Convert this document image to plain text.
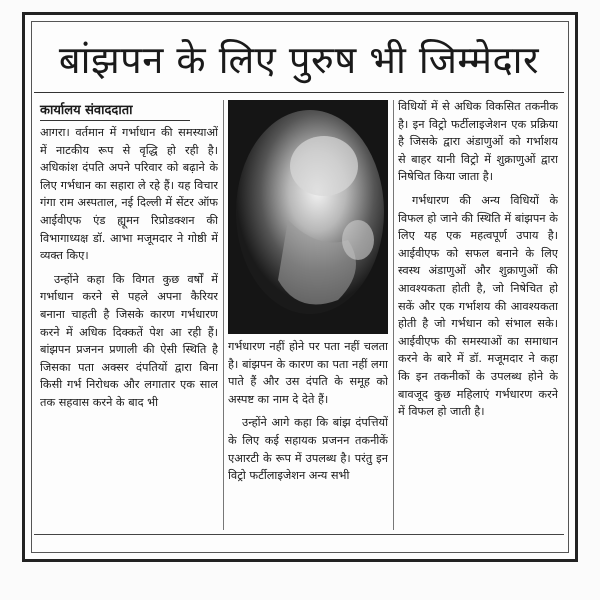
बांझपन के लिए पुरुष भी जिम्मेदार
कार्यालय संवाददाता

आगरा। वर्तमान में गर्भाधान की समस्याओं में नाटकीय रूप से वृद्धि हो रही है। अधिकांश दंपति अपने परिवार को बढ़ाने के लिए गर्भधान का सहारा ले रहे हैं। यह विचार गंगा राम अस्पताल, नई दिल्ली में सेंटर ऑफ आईवीएफ एंड ह्यूमन रिप्रोडक्शन की विभागाध्यक्ष डॉ. आभा मजूमदार ने गोष्ठी में व्यक्त किए।

उन्होंने कहा कि विगत कुछ वर्षों में गर्भाधान करने से पहले अपना कैरियर बनाना चाहती है जिसके कारण गर्भधारण करने में अधिक दिक्कतें पेश आ रही हैं। बांझपन प्रजनन प्रणाली की ऐसी स्थिति है जिसका पता अक्सर दंपतियों द्वारा बिना किसी गर्भ निरोधक और लगातार एक साल तक सहवास करने के बाद भी

गर्भधारण नहीं होने पर पता नहीं चलता है। बांझपन के कारण का पता नहीं लगा पाते हैं और उस दंपति के समूह को अस्पष्ट का नाम दे देते हैं।

उन्होंने आगे कहा कि बांझ दंपत्तियों के लिए कई सहायक प्रजनन तकनीकें एआरटी के रूप में उपलब्ध है। परंतु इन विट्रो फर्टीलाइजेशन अन्य सभी

विधियों में से अधिक विकसित तकनीक है। इन विट्रो फर्टीलाइजेशन एक प्रक्रिया है जिसके द्वारा अंडाणुओं को गर्भाशय से बाहर यानी विट्रो में शुक्राणुओं द्वारा निषेचित किया जाता है।

गर्भधारण की अन्य विधियों के विफल हो जाने की स्थिति में बांझपन के लिए यह एक महत्वपूर्ण उपाय है। आईवीएफ को सफल बनाने के लिए स्वस्थ अंडाणुओं और शुक्राणुओं की आवश्यकता होती है, जो निषेचित हो सकें और एक गर्भाशय की आवश्यकता होती है जो गर्भधान को संभाल सके। आईवीएफ की समस्याओं का समाधान करने के बारे में डॉ. मजूमदार ने कहा कि इन तकनीकों के उपलब्ध होने के बावजूद कुछ महिलाएं गर्भधारण करने में विफल हो जाती है।
